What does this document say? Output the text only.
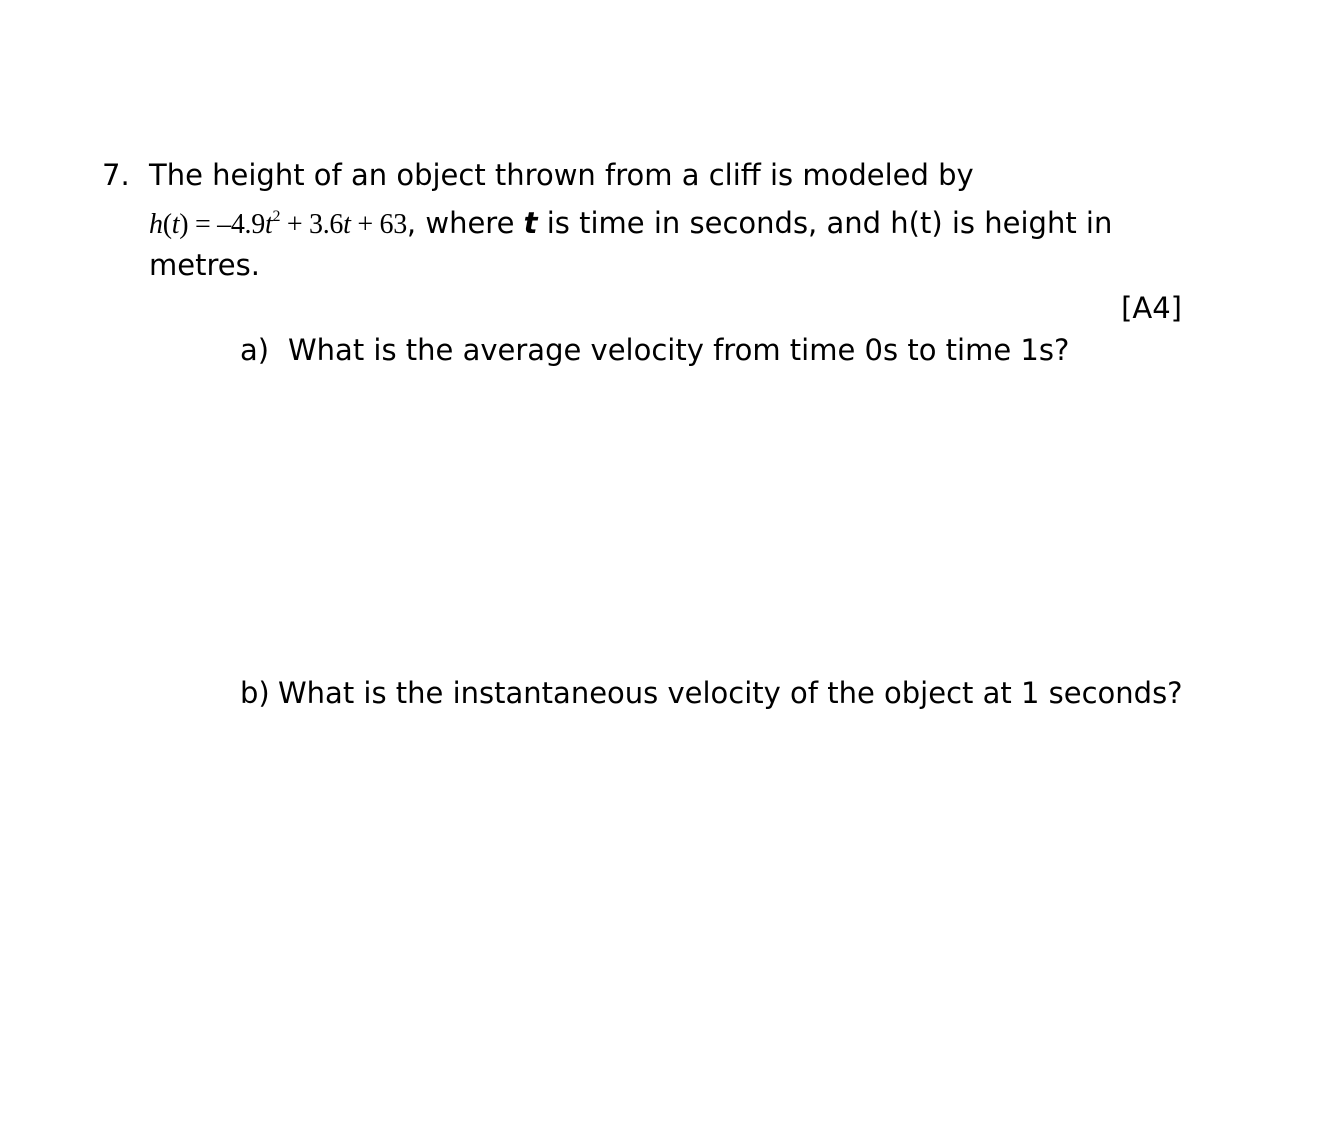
7. The height of an object thrown from a cliff is modeled by
$h(t) = -4.9t^2 + 3.6t + 63$, where t is time in seconds, and h(t) is height in
metres.
[A4]
a) What is the average velocity from time 0s to time 1s?
b) What is the instantaneous velocity of the object at 1 seconds?
